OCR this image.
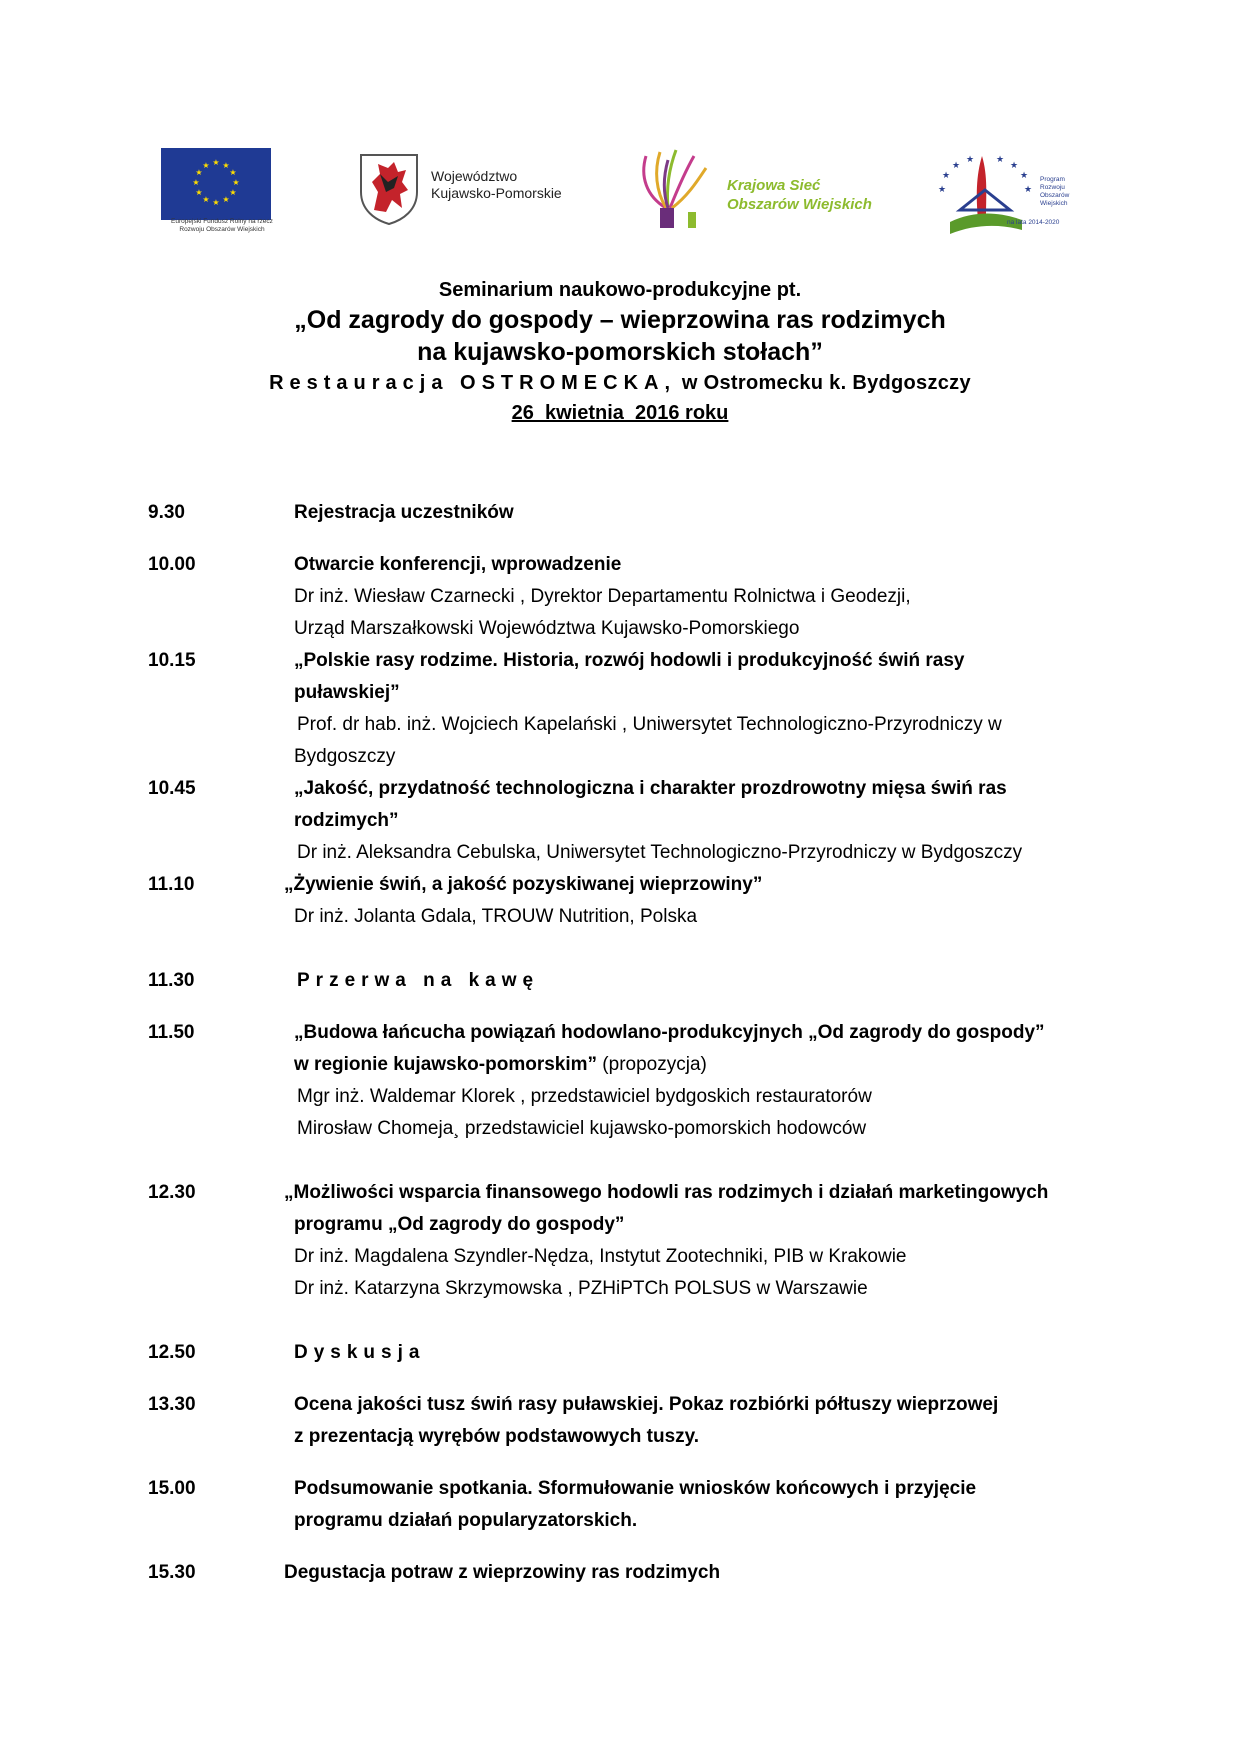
★ ★
★
★
★
★
★
★
★
★
★
★
Europejski Fundusz Rolny na rzecz
Rozwoju Obszarów Wiejskich
Województwo
Kujawsko-Pomorskie	Krajowa Sieć
Obszarów Wiejskich
★
★
★
★ ★
★
★
★
Program
Rozwoju
Obszarów
Wiejskich
na lata 2014-2020
Seminarium naukowo-produkcyjne pt.
„Od zagrody do gospody – wieprzowina ras rodzimych
na kujawsko-pomorskich stołach”
Restauracja OSTROMECKA, w Ostromecku k. Bydgoszczy
26  kwietnia  2016 roku
9.30	Rejestracja uczestników
10.00	Otwarcie konferencji, wprowadzenie
Dr inż. Wiesław Czarnecki , Dyrektor Departamentu Rolnictwa i Geodezji,
Urząd Marszałkowski Województwa Kujawsko-Pomorskiego
10.15	„Polskie rasy rodzime. Historia, rozwój hodowli i produkcyjność świń rasy
puławskiej”
Prof. dr hab. inż. Wojciech Kapelański , Uniwersytet Technologiczno-Przyrodniczy w
Bydgoszczy
10.45	„Jakość, przydatność technologiczna i charakter prozdrowotny mięsa świń ras
rodzimych”
Dr inż. Aleksandra Cebulska, Uniwersytet Technologiczno-Przyrodniczy w Bydgoszczy
11.10	„Żywienie świń, a jakość pozyskiwanej wieprzowiny”
Dr inż. Jolanta Gdala, TROUW Nutrition, Polska
11.30	Przerwa na kawę
11.50	„Budowa łańcucha powiązań hodowlano-produkcyjnych „Od zagrody do gospody”
w regionie kujawsko-pomorskim” (propozycja)
Mgr inż. Waldemar Klorek , przedstawiciel bydgoskich restauratorów
Mirosław Chomeja¸ przedstawiciel kujawsko-pomorskich hodowców
12.30	„Możliwości wsparcia finansowego hodowli ras rodzimych i działań marketingowych
programu „Od zagrody do gospody”
Dr inż. Magdalena Szyndler-Nędza, Instytut Zootechniki, PIB w Krakowie
Dr inż. Katarzyna Skrzymowska , PZHiPTCh POLSUS w Warszawie
12.50	Dyskusja
13.30	Ocena jakości tusz świń rasy puławskiej. Pokaz rozbiórki półtuszy wieprzowej
z prezentacją wyrębów podstawowych tuszy.
15.00	Podsumowanie spotkania. Sformułowanie wniosków końcowych i przyjęcie
programu działań popularyzatorskich.
15.30	Degustacja potraw z wieprzowiny ras rodzimych
